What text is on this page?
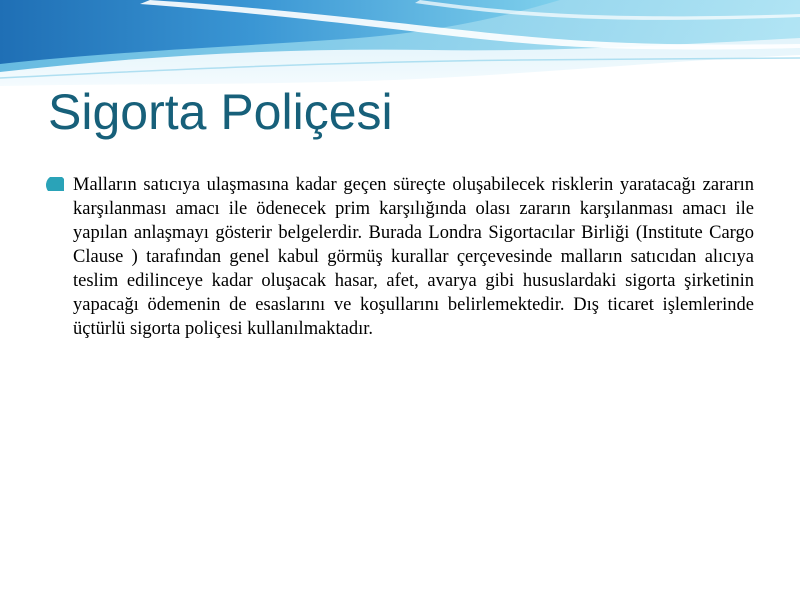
Sigorta Poliçesi

Malların satıcıya ulaşmasına kadar geçen süreçte oluşabilecek risklerin yaratacağı zararın karşılanması amacı ile ödenecek prim karşılığında olası zararın karşılanması amacı ile yapılan anlaşmayı gösterir belgelerdir. Burada Londra Sigortacılar Birliği (Institute Cargo Clause ) tarafından genel kabul görmüş kurallar çerçevesinde malların satıcıdan alıcıya teslim edilinceye kadar oluşacak hasar, afet, avarya gibi hususlardaki sigorta şirketinin yapacağı ödemenin de esaslarını ve koşullarını belirlemektedir. Dış ticaret işlemlerinde üçtürlü sigorta poliçesi kullanılmaktadır.
